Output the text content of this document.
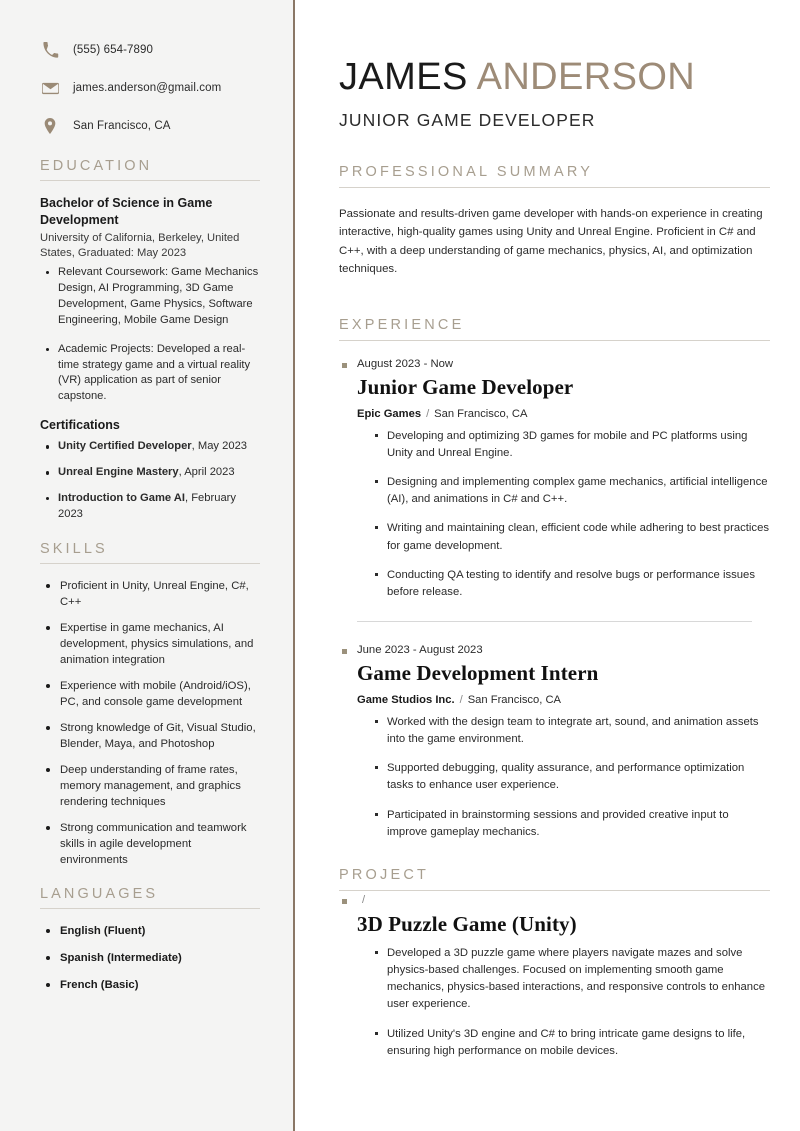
(555) 654-7890
james.anderson@gmail.com
San Francisco, CA
EDUCATION
Bachelor of Science in Game Development
University of California, Berkeley, United States, Graduated: May 2023
Relevant Coursework: Game Mechanics Design, AI Programming, 3D Game Development, Game Physics, Software Engineering, Mobile Game Design
Academic Projects: Developed a real-time strategy game and a virtual reality (VR) application as part of senior capstone.
Certifications
Unity Certified Developer, May 2023
Unreal Engine Mastery, April 2023
Introduction to Game AI, February 2023
SKILLS
Proficient in Unity, Unreal Engine, C#, C++
Expertise in game mechanics, AI development, physics simulations, and animation integration
Experience with mobile (Android/iOS), PC, and console game development
Strong knowledge of Git, Visual Studio, Blender, Maya, and Photoshop
Deep understanding of frame rates, memory management, and graphics rendering techniques
Strong communication and teamwork skills in agile development environments
LANGUAGES
English (Fluent)
Spanish (Intermediate)
French (Basic)
JAMES ANDERSON
JUNIOR GAME DEVELOPER
PROFESSIONAL SUMMARY

Passionate and results-driven game developer with hands-on experience in creating interactive, high-quality games using Unity and Unreal Engine. Proficient in C# and C++, with a deep understanding of game mechanics, physics, AI, and optimization techniques.

EXPERIENCE
August 2023 - Now
Junior Game Developer
Epic Games / San Francisco, CA
Developing and optimizing 3D games for mobile and PC platforms using Unity and Unreal Engine.
Designing and implementing complex game mechanics, artificial intelligence (AI), and animations in C# and C++.
Writing and maintaining clean, efficient code while adhering to best practices for game development.
Conducting QA testing to identify and resolve bugs or performance issues before release.
June 2023 - August 2023
Game Development Intern
Game Studios Inc. / San Francisco, CA
Worked with the design team to integrate art, sound, and animation assets into the game environment.
Supported debugging, quality assurance, and performance optimization tasks to enhance user experience.
Participated in brainstorming sessions and provided creative input to improve gameplay mechanics.
PROJECT
/
3D Puzzle Game (Unity)
Developed a 3D puzzle game where players navigate mazes and solve physics-based challenges. Focused on implementing smooth game mechanics, physics-based interactions, and responsive controls to enhance user experience.
Utilized Unity's 3D engine and C# to bring intricate game designs to life, ensuring high performance on mobile devices.
